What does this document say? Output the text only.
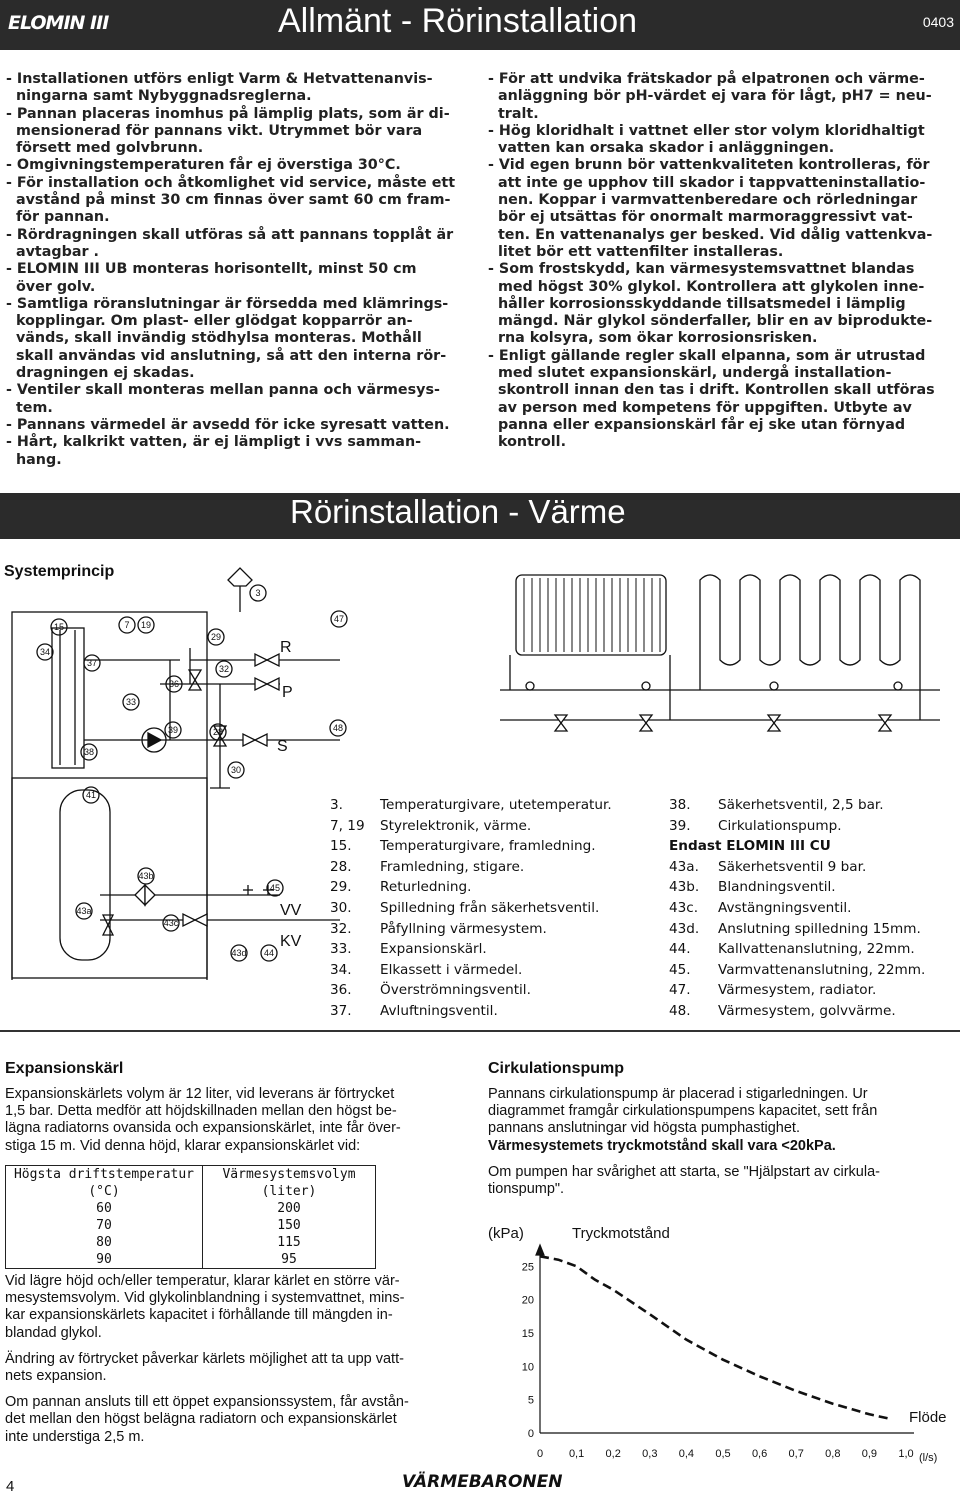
ELOMIN III	Allmänt - Rörinstallation	0403

- Installationen utförs enligt Varm & Hetvattenanvis-

ningarna samt Nybyggnadsreglerna.

- Pannan placeras inomhus på lämplig plats, som är di-

mensionerad för pannans vikt. Utrymmet bör vara

försett med golvbrunn.

- Omgivningstemperaturen får ej överstiga 30°C.

- För installation och åtkomlighet vid service, måste ett

avstånd på minst 30 cm finnas över samt 60 cm fram-

för pannan.

- Rördragningen skall utföras så att pannans topplåt är

avtagbar .

- ELOMIN III UB monteras horisontellt, minst 50 cm

över golv.

- Samtliga röranslutningar är försedda med klämrings-

kopplingar. Om plast- eller glödgat kopparrör an-

vänds, skall invändig stödhylsa monteras. Mothåll

skall användas vid anslutning, så att den interna rör-

dragningen ej skadas.

- Ventiler skall monteras mellan panna och värmesys-

tem.

- Pannans värmedel är avsedd för icke syresatt vatten.

- Hårt, kalkrikt vatten, är ej lämpligt i vvs samman-

hang.

- För att undvika frätskador på elpatronen och värme-

anläggning bör pH-värdet ej vara för lågt, pH7 = neu-

tralt.

- Hög kloridhalt i vattnet eller stor volym kloridhaltigt

vatten kan orsaka skador i anläggningen.

- Vid egen brunn bör vattenkvaliteten kontrolleras, för

att inte ge upphov till skador i tappvatteninstallatio-

nen. Koppar i varmvattenberedare och rörledningar

bör ej utsättas för onormalt marmoraggressivt vat-

ten. En vattenanalys ger besked. Vid dålig vattenkva-

litet bör ett vattenfilter installeras.

- Som frostskydd, kan värmesystemsvattnet blandas

med högst 30% glykol. Kontrollera att glykolen inne-

håller korrosionsskyddande tillsatsmedel i lämplig

mängd. När glykol sönderfaller, blir en av biprodukte-

rna kolsyra, som ökar korrosionsrisken.

- Enligt gällande regler skall elpanna, som är utrustad

med slutet expansionskärl, undergå installation-

skontroll innan den tas i drift. Kontrollen skall utföras

av person med kompetens för uppgiften. Utbyte av

panna eller expansionskärl får ej ske utan förnyad

kontroll.

Rörinstallation - Värme
Systemprincip
3
15
34
37
7 19
29
32
36
33
39	28
38
30
41
43b
43a
43c
43d 44
45
47
48
R
P
S
VV
KV
3.	Temperaturgivare, utetemperatur.
7, 19 Styrelektronik, värme.
15. Temperaturgivare, framledning.
28. Framledning, stigare.
29. Returledning.
30. Spilledning från säkerhetsventil.
32. Påfyllning värmesystem.
33. Expansionskärl.
34. Elkassett i värmedel.
36. Överströmningsventil.
37. Avluftningsventil.
38. Säkerhetsventil, 2,5 bar.
39. Cirkulationspump.
Endast ELOMIN III CU
43a. Säkerhetsventil 9 bar.
43b. Blandningsventil.
43c. Avstängningsventil.
43d. Anslutning spilledning 15mm.
44. Kallvattenanslutning, 22mm.
45. Varmvattenanslutning, 22mm.
47. Värmesystem, radiator.
48. Värmesystem, golvvärme.
Expansionskärl

Expansionskärlets volym är 12 liter, vid leverans är förtrycket
1,5 bar. Detta medför att höjdskillnaden mellan den högst be-
lägna radiatorns ovansida och expansionskärlet, inte får över-
stiga 15 m. Vid denna höjd, klarar expansionskärlet vid:

Högsta driftstemperatur	Värmesystemsvolym
(°C)	(liter)
60	200
70	150
80	115
90	95

Vid lägre höjd och/eller temperatur, klarar kärlet en större vär-
mesystemsvolym. Vid glykolinblandning i systemvattnet, mins-
kar expansionskärlets kapacitet i förhållande till mängden in-
blandad glykol.

Ändring av förtrycket påverkar kärlets möjlighet att ta upp vatt-
nets expansion.

Om pannan ansluts till ett öppet expansionssystem, får avstån-
det mellan den högst belägna radiatorn och expansionskärlet
inte understiga 2,5 m.

Cirkulationspump

Pannans cirkulationspump är placerad i stigarledningen. Ur
diagrammet framgår cirkulationspumpens kapacitet, sett från
pannans anslutningar vid högsta pumphastighet.

Värmesystemets tryckmotstånd skall vara <20kPa.

Om pumpen har svårighet att starta, se "Hjälpstart av cirkula-
tionspump".

0
5
10
15
20
25
0 0,1 0,2 0,3 0,4 0,5 0,6 0,7 0,8 0,9 1,0
(kPa)	Tryckmotstånd
Flöde
(l/s)
4	VÄRMEBARONEN
